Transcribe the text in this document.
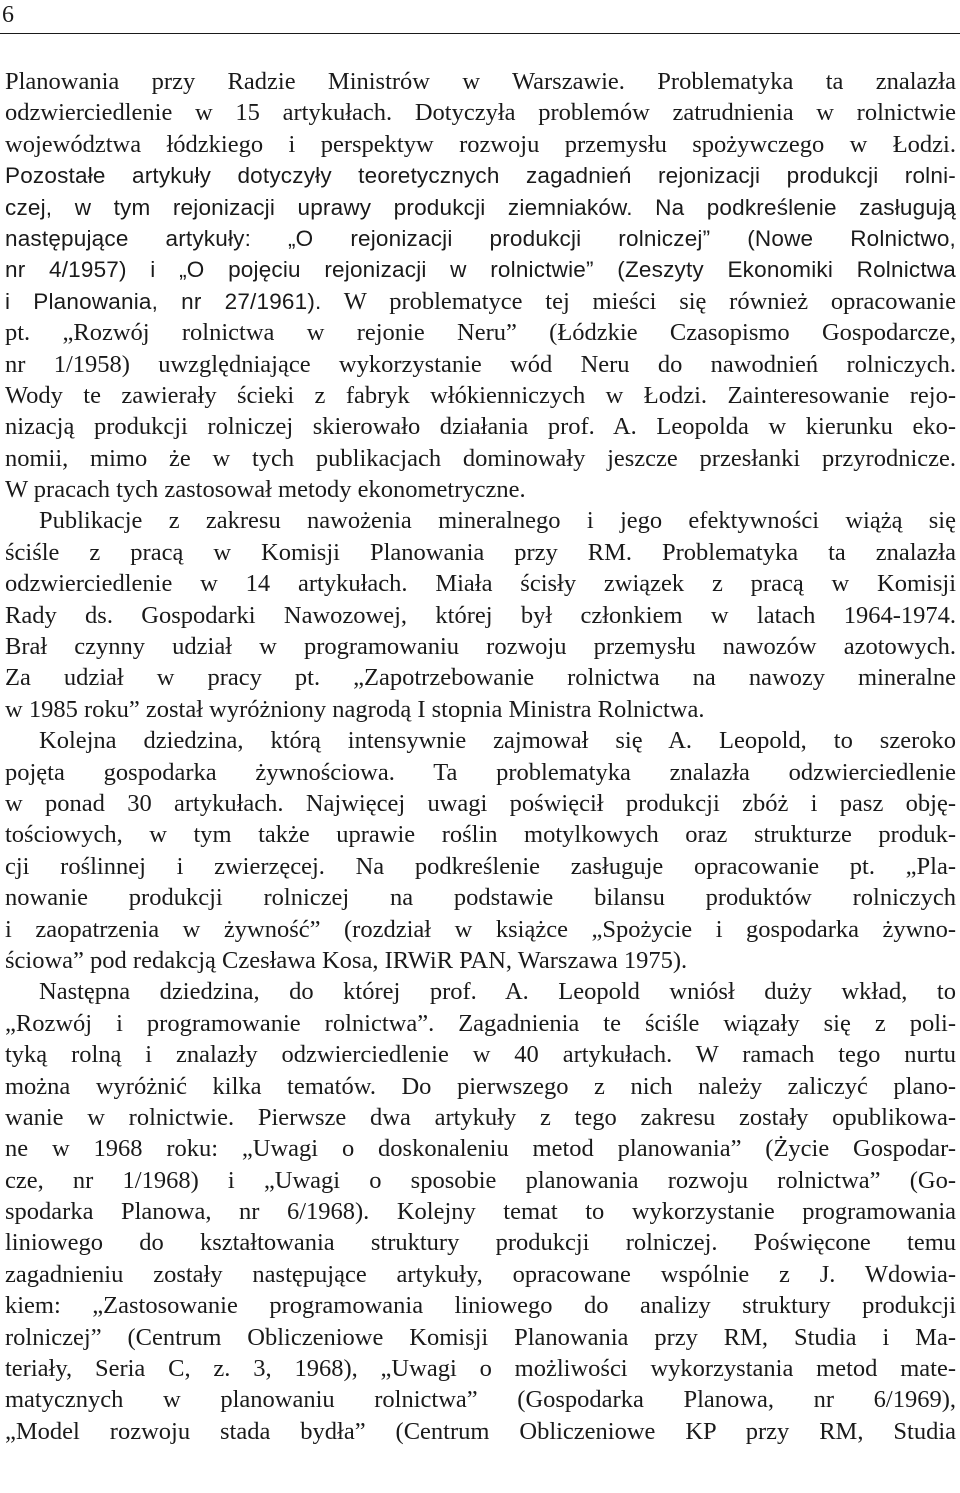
6
Planowania przy Radzie Ministrów w Warszawie. Problematyka ta znalazła
odzwierciedlenie w 15 artykułach. Dotyczyła problemów zatrudnienia w rolnictwie
województwa łódzkiego i perspektyw rozwoju przemysłu spożywczego w Łodzi.
Pozostałe artykuły dotyczyły teoretycznych zagadnień rejonizacji produkcji rolni-
czej, w tym rejonizacji uprawy produkcji ziemniaków. Na podkreślenie zasługują
następujące artykuły: „O rejonizacji produkcji rolniczej” (Nowe Rolnictwo,
nr 4/1957) i „O pojęciu rejonizacji w rolnictwie” (Zeszyty Ekonomiki Rolnictwa
i Planowania, nr 27/1961). W problematyce tej mieści się również opracowanie
pt. „Rozwój rolnictwa w rejonie Neru” (Łódzkie Czasopismo Gospodarcze,
nr 1/1958) uwzględniające wykorzystanie wód Neru do nawodnień rolniczych.
Wody te zawierały ścieki z fabryk włókienniczych w Łodzi. Zainteresowanie rejo-
nizacją produkcji rolniczej skierowało działania prof. A. Leopolda w kierunku eko-
nomii, mimo że w tych publikacjach dominowały jeszcze przesłanki przyrodnicze.
W pracach tych zastosował metody ekonometryczne.
Publikacje z zakresu nawożenia mineralnego i jego efektywności wiążą się
ściśle z pracą w Komisji Planowania przy RM. Problematyka ta znalazła
odzwierciedlenie w 14 artykułach. Miała ścisły związek z pracą w Komisji
Rady ds. Gospodarki Nawozowej, której był członkiem w latach 1964-1974.
Brał czynny udział w programowaniu rozwoju przemysłu nawozów azotowych.
Za udział w pracy pt. „Zapotrzebowanie rolnictwa na nawozy mineralne
w 1985 roku” został wyróżniony nagrodą I stopnia Ministra Rolnictwa.
Kolejna dziedzina, którą intensywnie zajmował się A. Leopold, to szeroko
pojęta gospodarka żywnościowa. Ta problematyka znalazła odzwierciedlenie
w ponad 30 artykułach. Najwięcej uwagi poświęcił produkcji zbóż i pasz obję-
tościowych, w tym także uprawie roślin motylkowych oraz strukturze produk-
cji roślinnej i zwierzęcej. Na podkreślenie zasługuje opracowanie pt. „Pla-
nowanie produkcji rolniczej na podstawie bilansu produktów rolniczych
i zaopatrzenia w żywność” (rozdział w książce „Spożycie i gospodarka żywno-
ściowa” pod redakcją Czesława Kosa, IRWiR PAN, Warszawa 1975).
Następna dziedzina, do której prof. A. Leopold wniósł duży wkład, to
„Rozwój i programowanie rolnictwa”. Zagadnienia te ściśle wiązały się z poli-
tyką rolną i znalazły odzwierciedlenie w 40 artykułach. W ramach tego nurtu
można wyróżnić kilka tematów. Do pierwszego z nich należy zaliczyć plano-
wanie w rolnictwie. Pierwsze dwa artykuły z tego zakresu zostały opublikowa-
ne w 1968 roku: „Uwagi o doskonaleniu metod planowania” (Życie Gospodar-
cze, nr 1/1968) i „Uwagi o sposobie planowania rozwoju rolnictwa” (Go-
spodarka Planowa, nr 6/1968). Kolejny temat to wykorzystanie programowania
liniowego do kształtowania struktury produkcji rolniczej. Poświęcone temu
zagadnieniu zostały następujące artykuły, opracowane wspólnie z J. Wdowia-
kiem: „Zastosowanie programowania liniowego do analizy struktury produkcji
rolniczej” (Centrum Obliczeniowe Komisji Planowania przy RM, Studia i Ma-
teriały, Seria C, z. 3, 1968), „Uwagi o możliwości wykorzystania metod mate-
matycznych w planowaniu rolnictwa” (Gospodarka Planowa, nr 6/1969),
„Model rozwoju stada bydła” (Centrum Obliczeniowe KP przy RM, Studia
